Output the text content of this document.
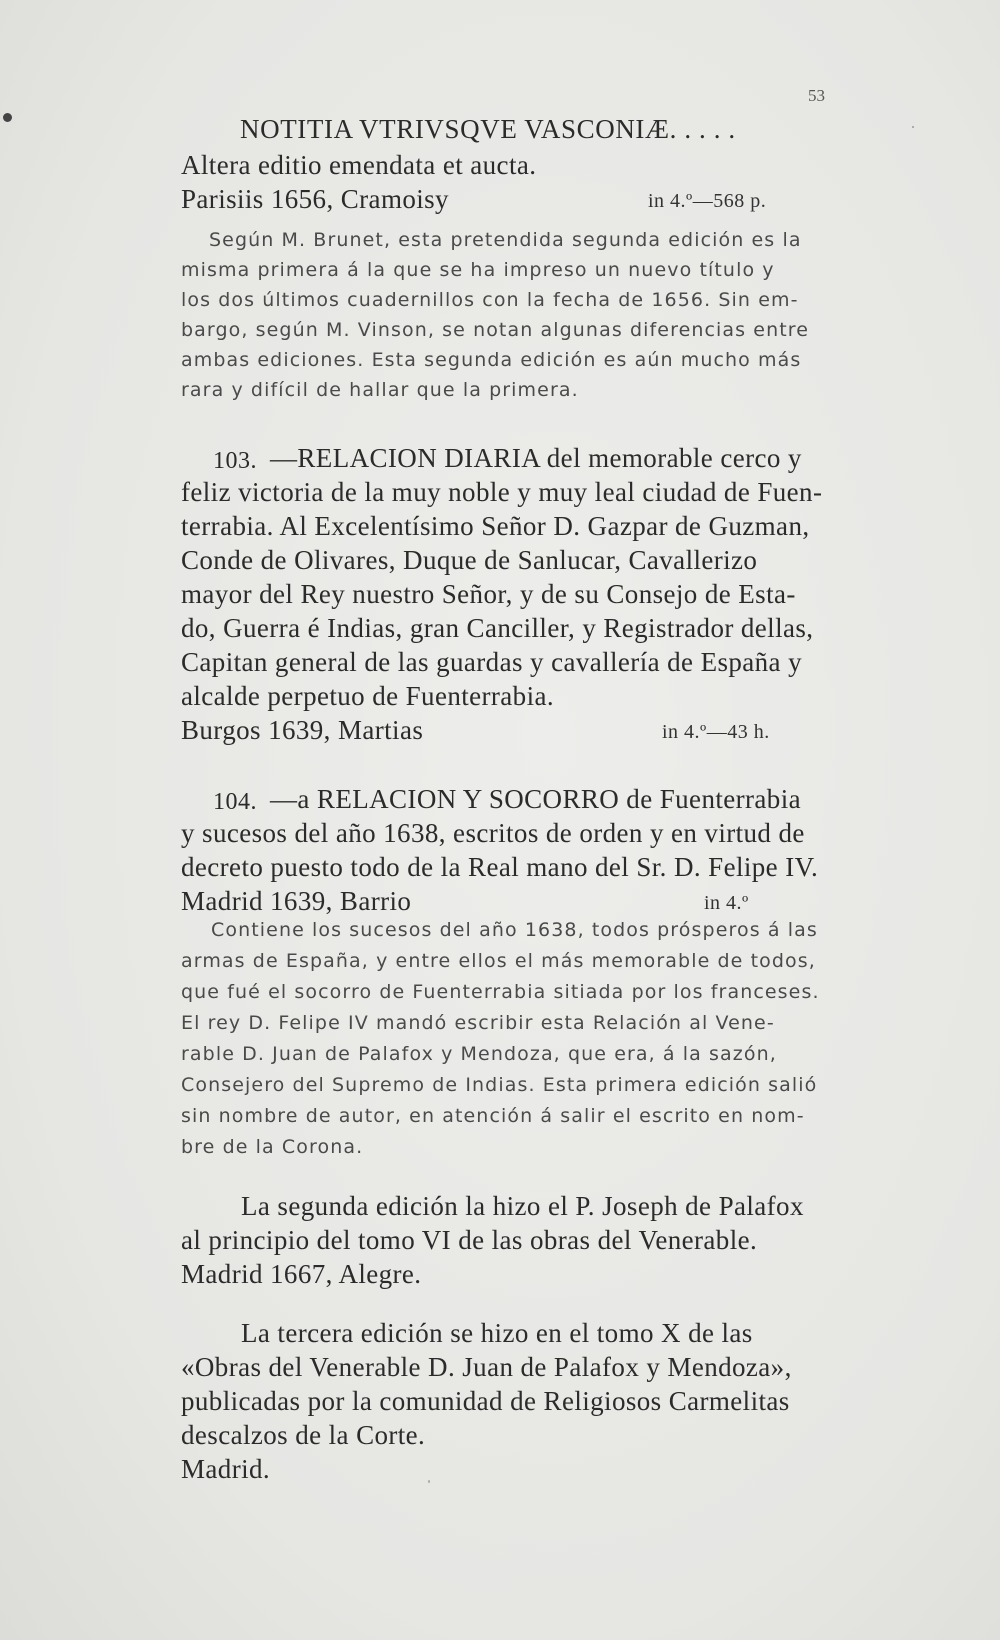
53
NOTITIA VTRIVSQVE VASCONIÆ. . . . .
Altera editio emendata et aucta.
Parisiis 1656, Cramoisy	in 4.º—568 p.
Según M. Brunet, esta pretendida segunda edición es la
misma primera á la que se ha impreso un nuevo título y
los dos últimos cuadernillos con la fecha de 1656. Sin em-
bargo, según M. Vinson, se notan algunas diferencias entre
ambas ediciones. Esta segunda edición es aún mucho más
rara y difícil de hallar que la primera.
103. —RELACION DIARIA del memorable cerco y
feliz victoria de la muy noble y muy leal ciudad de Fuen-
terrabia. Al Excelentísimo Señor D. Gazpar de Guzman,
Conde de Olivares, Duque de Sanlucar, Cavallerizo
mayor del Rey nuestro Señor, y de su Consejo de Esta-
do, Guerra é Indias, gran Canciller, y Registrador dellas,
Capitan general de las guardas y cavallería de España y
alcalde perpetuo de Fuenterrabia.
Burgos 1639, Martias	in 4.º—43 h.
104. —a RELACION Y SOCORRO de Fuenterrabia
y sucesos del año 1638, escritos de orden y en virtud de
decreto puesto todo de la Real mano del Sr. D. Felipe IV.
Madrid 1639, Barrio	in 4.º
Contiene los sucesos del año 1638, todos prósperos á las
armas de España, y entre ellos el más memorable de todos,
que fué el socorro de Fuenterrabia sitiada por los franceses.
El rey D. Felipe IV mandó escribir esta Relación al Vene-
rable D. Juan de Palafox y Mendoza, que era, á la sazón,
Consejero del Supremo de Indias. Esta primera edición salió
sin nombre de autor, en atención á salir el escrito en nom-
bre de la Corona.
La segunda edición la hizo el P. Joseph de Palafox
al principio del tomo VI de las obras del Venerable.
Madrid 1667, Alegre.
La tercera edición se hizo en el tomo X de las
«Obras del Venerable D. Juan de Palafox y Mendoza»,
publicadas por la comunidad de Religiosos Carmelitas
descalzos de la Corte.
Madrid.
